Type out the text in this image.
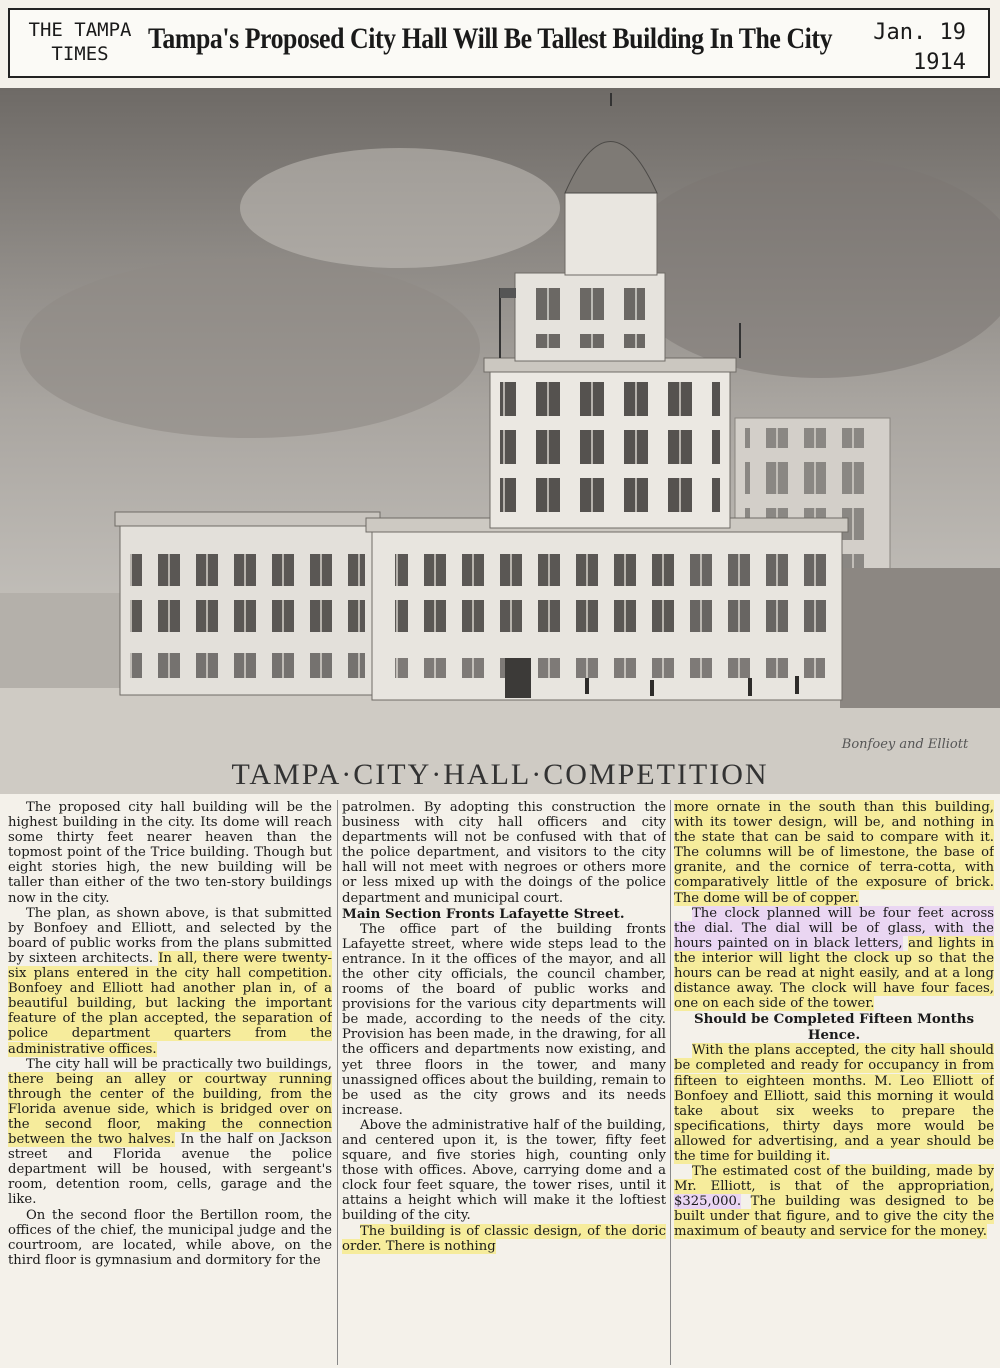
THE TAMPA
TIMES	Tampa's Proposed City Hall Will Be Tallest Building In The City Jan. 19
1914
Bonfoey and Elliott
TAMPA·CITY·HALL·COMPETITION

The proposed city hall building will be the highest building in the city. Its dome will reach some thirty feet nearer heaven than the topmost point of the Trice building. Though but eight stories high, the new building will be taller than either of the two ten-story buildings now in the city.

The plan, as shown above, is that submitted by Bonfoey and Elliott, and selected by the board of public works from the plans submitted by sixteen architects. In all, there were twenty-six plans entered in the city hall competition. Bonfoey and Elliott had another plan in, of a beautiful building, but lacking the important feature of the plan accepted, the separation of police department quarters from the administrative offices.

The city hall will be practically two buildings, there being an alley or courtway running through the center of the building, from the Florida avenue side, which is bridged over on the second floor, making the connection between the two halves. In the half on Jackson street and Florida avenue the police department will be housed, with sergeant's room, detention room, cells, garage and the like.

On the second floor the Bertillon room, the offices of the chief, the municipal judge and the courtroom, are located, while above, on the third floor is gymnasium and dormitory for the

patrolmen. By adopting this construction the business with city hall officers and city departments will not be confused with that of the police department, and visitors to the city hall will not meet with negroes or others more or less mixed up with the doings of the police department and municipal court.

Main Section Fronts Lafayette Street.

The office part of the building fronts Lafayette street, where wide steps lead to the entrance. In it the offices of the mayor, and all the other city officials, the council chamber, rooms of the board of public works and provisions for the various city departments will be made, according to the needs of the city. Provision has been made, in the drawing, for all the officers and departments now existing, and yet three floors in the tower, and many unassigned offices about the building, remain to be used as the city grows and its needs increase.

Above the administrative half of the building, and centered upon it, is the tower, fifty feet square, and five stories high, counting only those with offices. Above, carrying dome and a clock four feet square, the tower rises, until it attains a height which will make it the loftiest building of the city.

The building is of classic design, of the doric order. There is nothing

more ornate in the south than this building, with its tower design, will be, and nothing in the state that can be said to compare with it. The columns will be of limestone, the base of granite, and the cornice of terra-cotta, with comparatively little of the exposure of brick. The dome will be of copper.

The clock planned will be four feet across the dial. The dial will be of glass, with the hours painted on in black letters, and lights in the interior will light the clock up so that the hours can be read at night easily, and at a long distance away. The clock will have four faces, one on each side of the tower.

Should be Completed Fifteen Months Hence.

With the plans accepted, the city hall should be completed and ready for occupancy in from fifteen to eighteen months. M. Leo Elliott of Bonfoey and Elliott, said this morning it would take about six weeks to prepare the specifications, thirty days more would be allowed for advertising, and a year should be the time for building it.

The estimated cost of the building, made by Mr. Elliott, is that of the appropriation, $325,000. The building was designed to be built under that figure, and to give the city the maximum of beauty and service for the money.
